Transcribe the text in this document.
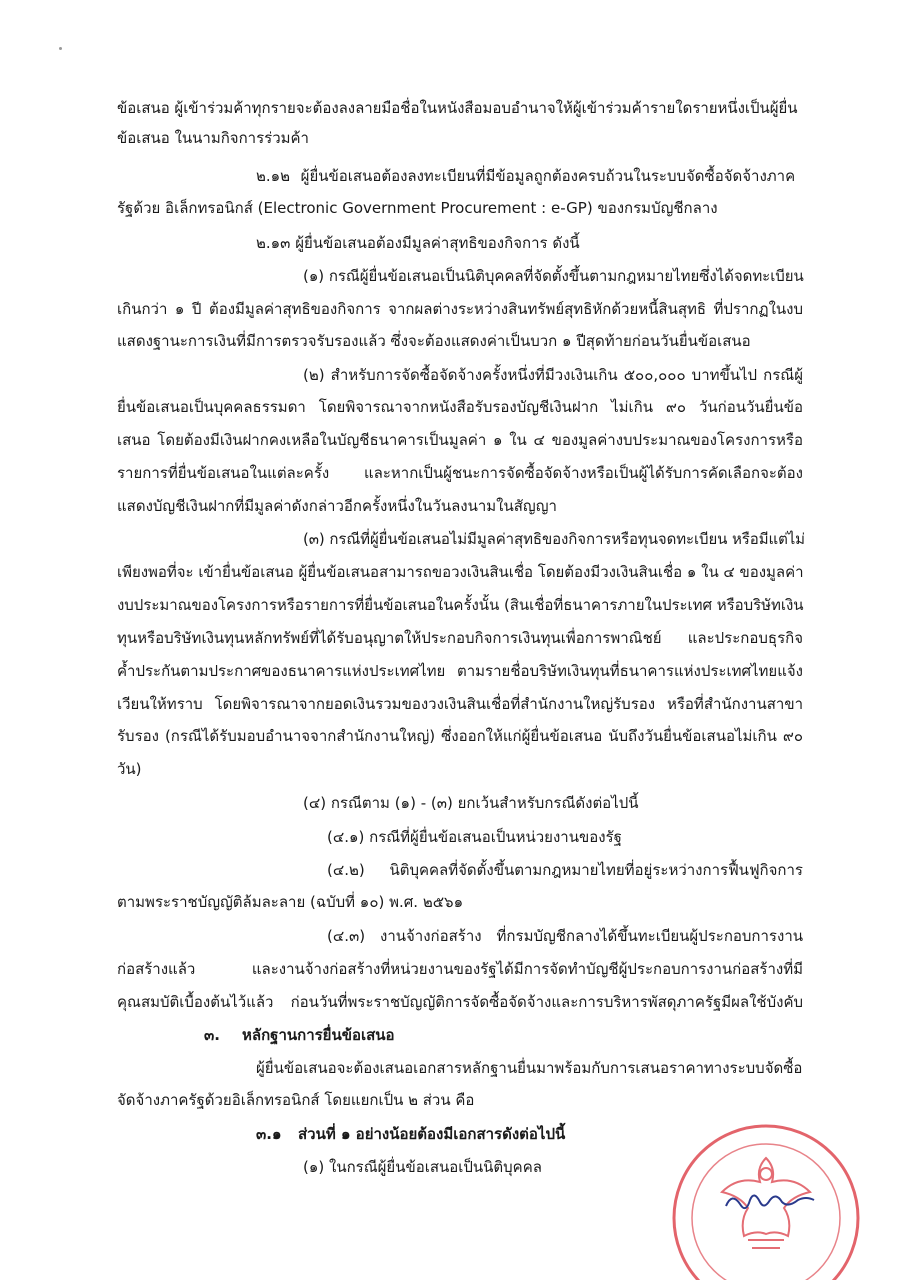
ข้อเสนอ ผู้เข้าร่วมค้าทุกรายจะต้องลงลายมือชื่อในหนังสือมอบอำนาจให้ผู้เข้าร่วมค้ารายใดรายหนึ่งเป็นผู้ยื่น
ข้อเสนอ ในนามกิจการร่วมค้า
๒.๑๒ ผู้ยื่นข้อเสนอต้องลงทะเบียนที่มีข้อมูลถูกต้องครบถ้วนในระบบจัดซื้อจัดจ้างภาค
รัฐด้วย อิเล็กทรอนิกส์ (Electronic Government Procurement : e-GP) ของกรมบัญชีกลาง
๒.๑๓ ผู้ยื่นข้อเสนอต้องมีมูลค่าสุทธิของกิจการ ดังนี้
(๑) กรณีผู้ยื่นข้อเสนอเป็นนิติบุคคลที่จัดตั้งขึ้นตามกฎหมายไทยซึ่งได้จดทะเบียน
เกินกว่า ๑ ปี ต้องมีมูลค่าสุทธิของกิจการ จากผลต่างระหว่างสินทรัพย์สุทธิหักด้วยหนี้สินสุทธิ ที่ปรากฏในงบ
แสดงฐานะการเงินที่มีการตรวจรับรองแล้ว ซึ่งจะต้องแสดงค่าเป็นบวก ๑ ปีสุดท้ายก่อนวันยื่นข้อเสนอ
(๒) สำหรับการจัดซื้อจัดจ้างครั้งหนึ่งที่มีวงเงินเกิน ๕๐๐,๐๐๐ บาทขึ้นไป กรณีผู้
ยื่นข้อเสนอเป็นบุคคลธรรมดา โดยพิจารณาจากหนังสือรับรองบัญชีเงินฝาก ไม่เกิน ๙๐ วันก่อนวันยื่นข้อ
เสนอ โดยต้องมีเงินฝากคงเหลือในบัญชีธนาคารเป็นมูลค่า ๑ ใน ๔ ของมูลค่างบประมาณของโครงการหรือ
รายการที่ยื่นข้อเสนอในแต่ละครั้ง และหากเป็นผู้ชนะการจัดซื้อจัดจ้างหรือเป็นผู้ได้รับการคัดเลือกจะต้อง
แสดงบัญชีเงินฝากที่มีมูลค่าดังกล่าวอีกครั้งหนึ่งในวันลงนามในสัญญา
(๓) กรณีที่ผู้ยื่นข้อเสนอไม่มีมูลค่าสุทธิของกิจการหรือทุนจดทะเบียน หรือมีแต่ไม่
เพียงพอที่จะ เข้ายื่นข้อเสนอ ผู้ยื่นข้อเสนอสามารถขอวงเงินสินเชื่อ โดยต้องมีวงเงินสินเชื่อ ๑ ใน ๔ ของมูลค่า
งบประมาณของโครงการหรือรายการที่ยื่นข้อเสนอในครั้งนั้น (สินเชื่อที่ธนาคารภายในประเทศ หรือบริษัทเงิน
ทุนหรือบริษัทเงินทุนหลักทรัพย์ที่ได้รับอนุญาตให้ประกอบกิจการเงินทุนเพื่อการพาณิชย์ และประกอบธุรกิจ
ค้ำประกันตามประกาศของธนาคารแห่งประเทศไทย ตามรายชื่อบริษัทเงินทุนที่ธนาคารแห่งประเทศไทยแจ้ง
เวียนให้ทราบ โดยพิจารณาจากยอดเงินรวมของวงเงินสินเชื่อที่สำนักงานใหญ่รับรอง หรือที่สำนักงานสาขา
รับรอง (กรณีได้รับมอบอำนาจจากสำนักงานใหญ่) ซึ่งออกให้แก่ผู้ยื่นข้อเสนอ นับถึงวันยื่นข้อเสนอไม่เกิน ๙๐
วัน)
(๔) กรณีตาม (๑) - (๓) ยกเว้นสำหรับกรณีดังต่อไปนี้
(๔.๑) กรณีที่ผู้ยื่นข้อเสนอเป็นหน่วยงานของรัฐ
(๔.๒) นิติบุคคลที่จัดตั้งขึ้นตามกฎหมายไทยที่อยู่ระหว่างการฟื้นฟูกิจการ
ตามพระราชบัญญัติล้มละลาย (ฉบับที่ ๑๐) พ.ศ. ๒๕๖๑
(๔.๓) งานจ้างก่อสร้าง ที่กรมบัญชีกลางได้ขึ้นทะเบียนผู้ประกอบการงาน
ก่อสร้างแล้ว และงานจ้างก่อสร้างที่หน่วยงานของรัฐได้มีการจัดทำบัญชีผู้ประกอบการงานก่อสร้างที่มี
คุณสมบัติเบื้องต้นไว้แล้ว ก่อนวันที่พระราชบัญญัติการจัดซื้อจัดจ้างและการบริหารพัสดุภาครัฐมีผลใช้บังคับ
๓. หลักฐานการยื่นข้อเสนอ
ผู้ยื่นข้อเสนอจะต้องเสนอเอกสารหลักฐานยื่นมาพร้อมกับการเสนอราคาทางระบบจัดซื้อ
จัดจ้างภาครัฐด้วยอิเล็กทรอนิกส์ โดยแยกเป็น ๒ ส่วน คือ
๓.๑ ส่วนที่ ๑ อย่างน้อยต้องมีเอกสารดังต่อไปนี้
(๑) ในกรณีผู้ยื่นข้อเสนอเป็นนิติบุคคล
